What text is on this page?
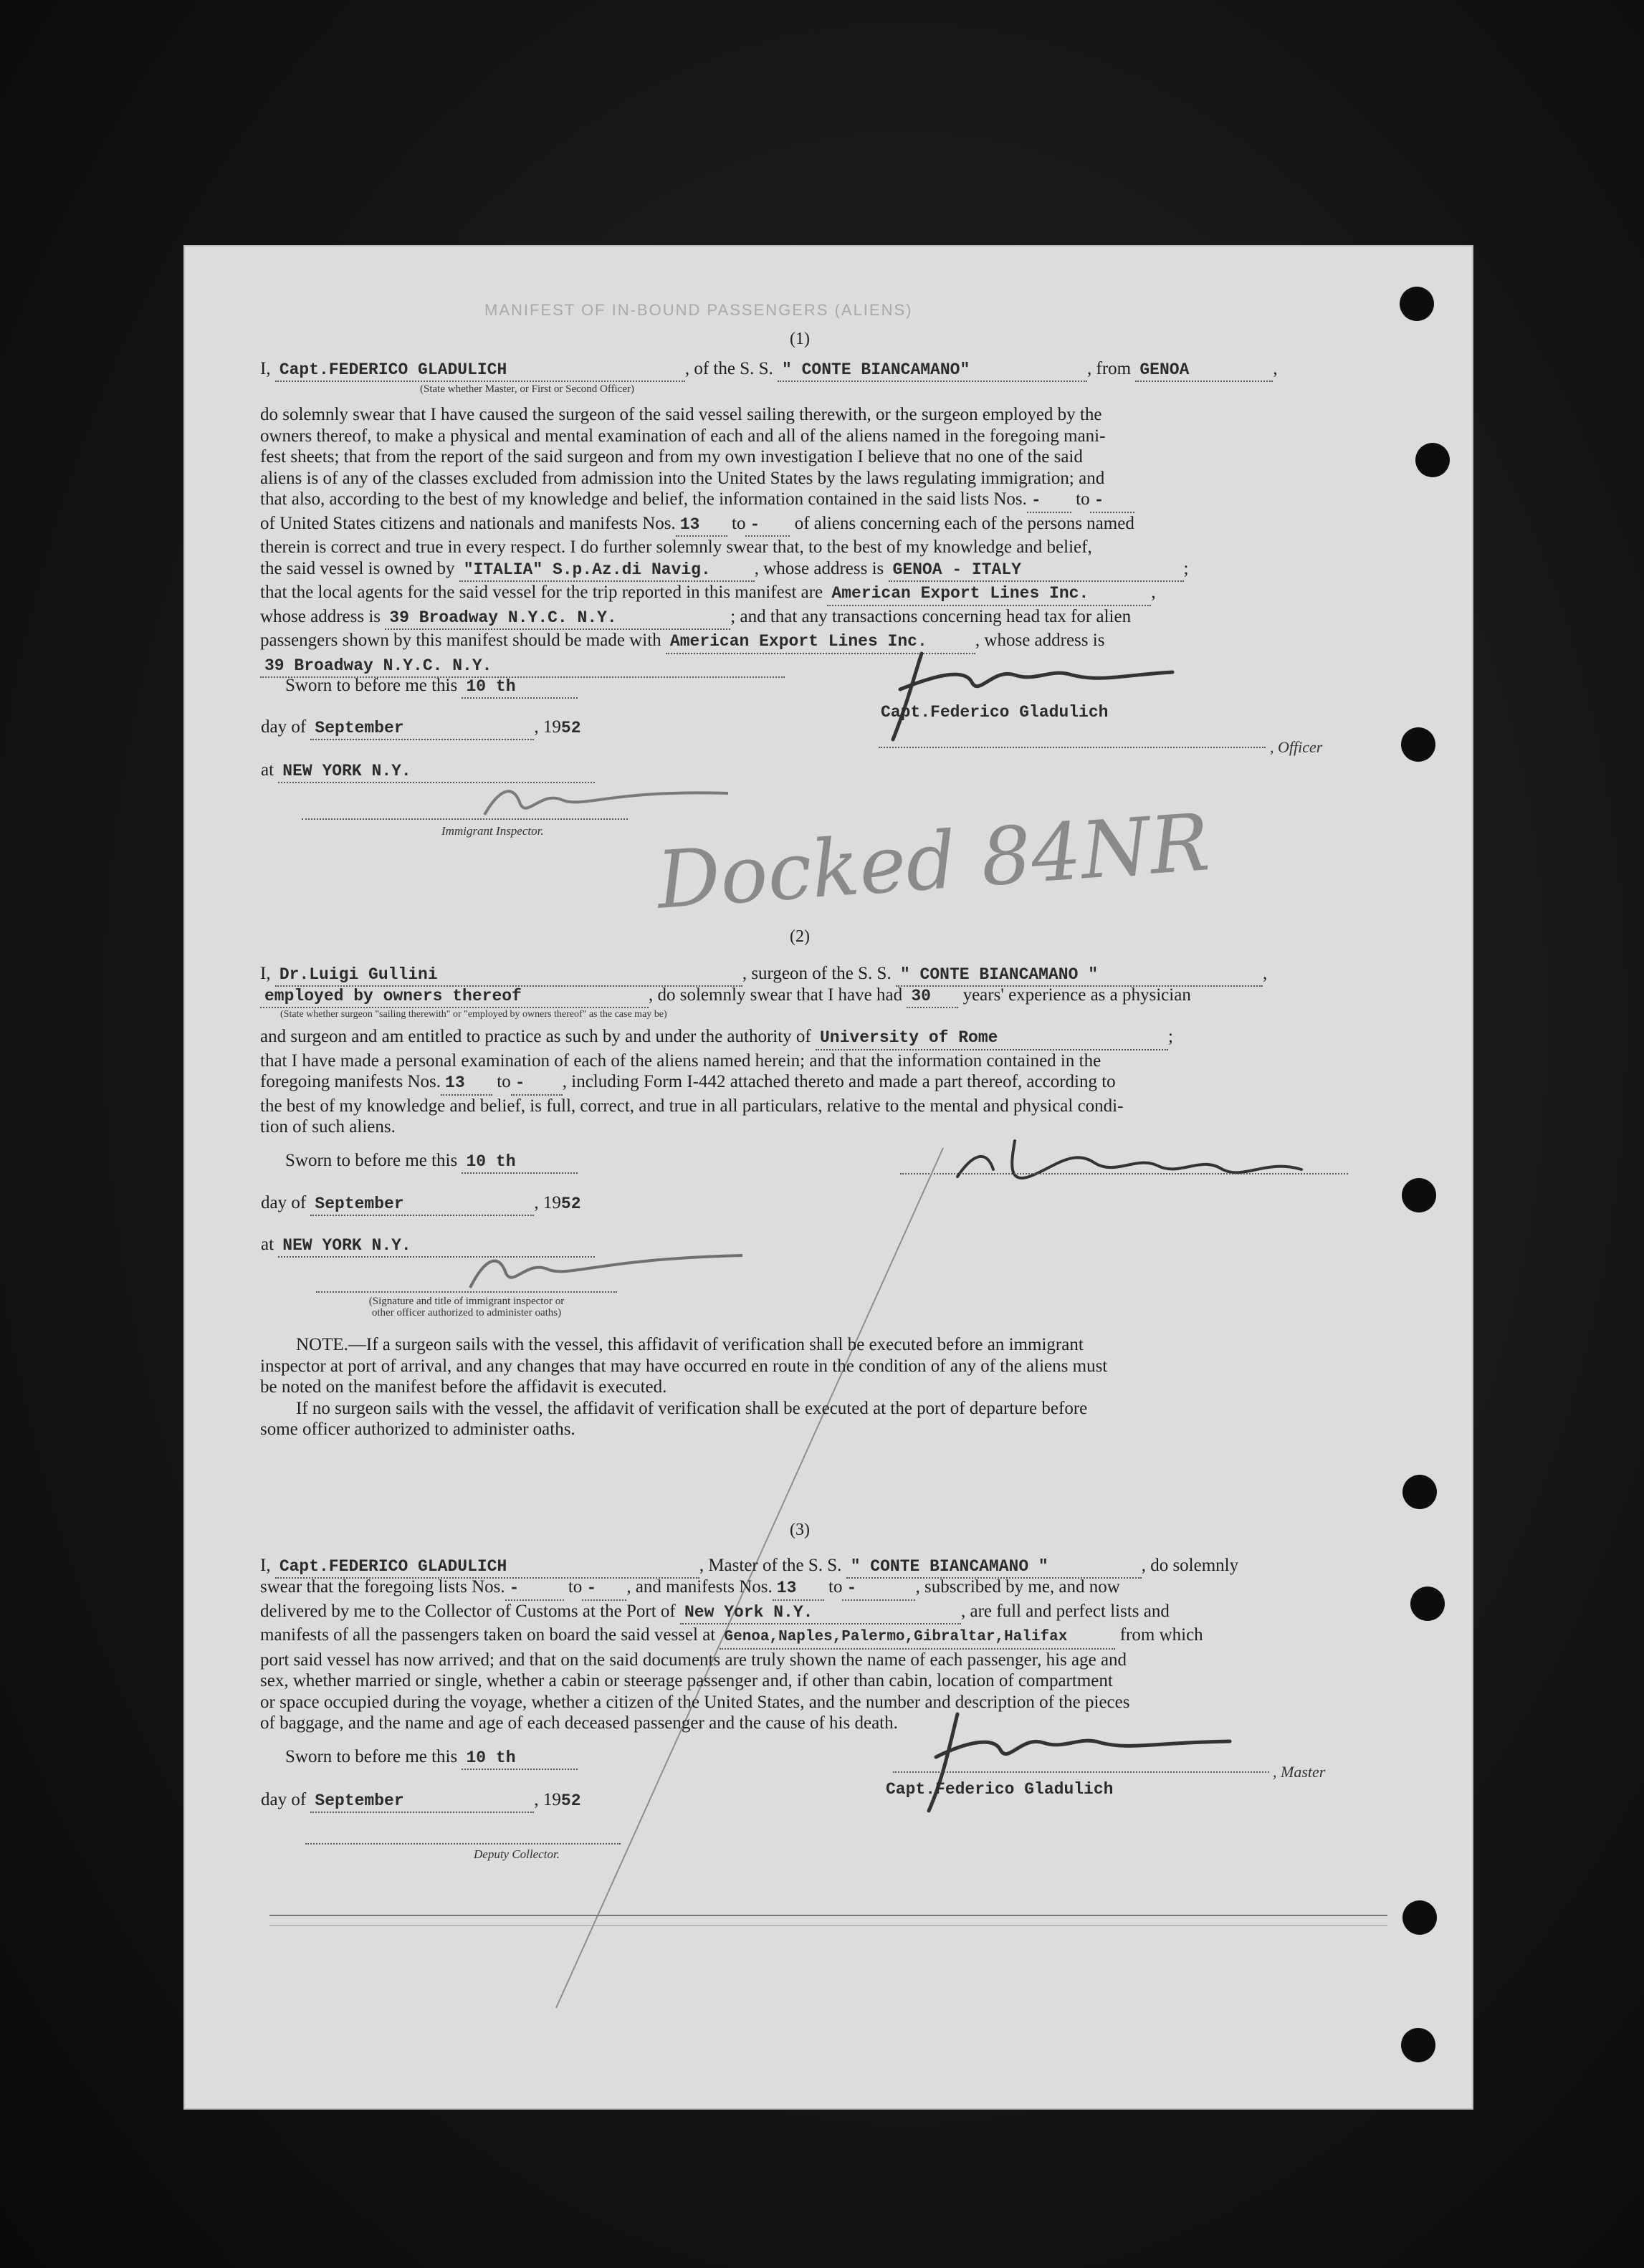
MANIFEST OF IN-BOUND PASSENGERS (ALIENS)
(1)
I, Capt.FEDERICO GLADULICH	, of the S. S. " CONTE BIANCAMANO"	, from GENOA	,
(State whether Master, or First or Second Officer)
do solemnly swear that I have caused the surgeon of the said vessel sailing therewith, or the surgeon employed by the
owners thereof, to make a physical and mental examination of each and all of the aliens named in the foregoing mani-
fest sheets; that from the report of the said surgeon and from my own investigation I believe that no one of the said
aliens is of any of the classes excluded from admission into the United States by the laws regulating immigration; and
that also, according to the best of my knowledge and belief, the information contained in the said lists Nos. - to -
of United States citizens and nationals and manifests Nos. 13 to - of aliens concerning each of the persons named
therein is correct and true in every respect. I do further solemnly swear that, to the best of my knowledge and belief,
the said vessel is owned by "ITALIA" S.p.Az.di Navig. , whose address is GENOA - ITALY	;
that the local agents for the said vessel for the trip reported in this manifest are American Export Lines Inc.	,
whose address is 39 Broadway N.Y.C. N.Y.	; and that any transactions concerning head tax for alien
passengers shown by this manifest should be made with American Export Lines Inc.	, whose address is
39 Broadway N.Y.C. N.Y.
Sworn to before me this 10 th
day of September	, 1952
at NEW YORK N.Y.
Immigrant Inspector.
Capt.Federico Gladulich
, Officer
Docked 84NR
(2)
I, Dr.Luigi Gullini	, surgeon of the S. S. " CONTE BIANCAMANO "	,
employed by owners thereof	, do solemnly swear that I have had 30 years' experience as a physician
(State whether surgeon "sailing therewith" or "employed by owners thereof" as the case may be)
and surgeon and am entitled to practice as such by and under the authority of University of Rome	;
that I have made a personal examination of each of the aliens named herein; and that the information contained in the
foregoing manifests Nos. 13 to - , including Form I-442 attached thereto and made a part thereof, according to
the best of my knowledge and belief, is full, correct, and true in all particulars, relative to the mental and physical condi-
tion of such aliens.
Sworn to before me this 10 th
day of September	, 1952
at NEW YORK N.Y.
(Signature and title of immigrant inspector or
other officer authorized to administer oaths)
NOTE.—If a surgeon sails with the vessel, this affidavit of verification shall be executed before an immigrant
inspector at port of arrival, and any changes that may have occurred en route in the condition of any of the aliens must
be noted on the manifest before the affidavit is executed.
If no surgeon sails with the vessel, the affidavit of verification shall be executed at the port of departure before
some officer authorized to administer oaths.
(3)
I, Capt.FEDERICO GLADULICH	, Master of the S. S. " CONTE BIANCAMANO "	, do solemnly
swear that the foregoing lists Nos. -	to - , and manifests Nos. 13 to -	, subscribed by me, and now
delivered by me to the Collector of Customs at the Port of New York N.Y.	, are full and perfect lists and
manifests of all the passengers taken on board the said vessel at Genoa,Naples,Palermo,Gibraltar,Halifax	from which
port said vessel has now arrived; and that on the said documents are truly shown the name of each passenger, his age and
sex, whether married or single, whether a cabin or steerage passenger and, if other than cabin, location of compartment
or space occupied during the voyage, whether a citizen of the United States, and the number and description of the pieces
of baggage, and the name and age of each deceased passenger and the cause of his death.
Sworn to before me this 10 th
day of September	, 1952
Deputy Collector.
, Master
Capt.Federico Gladulich
